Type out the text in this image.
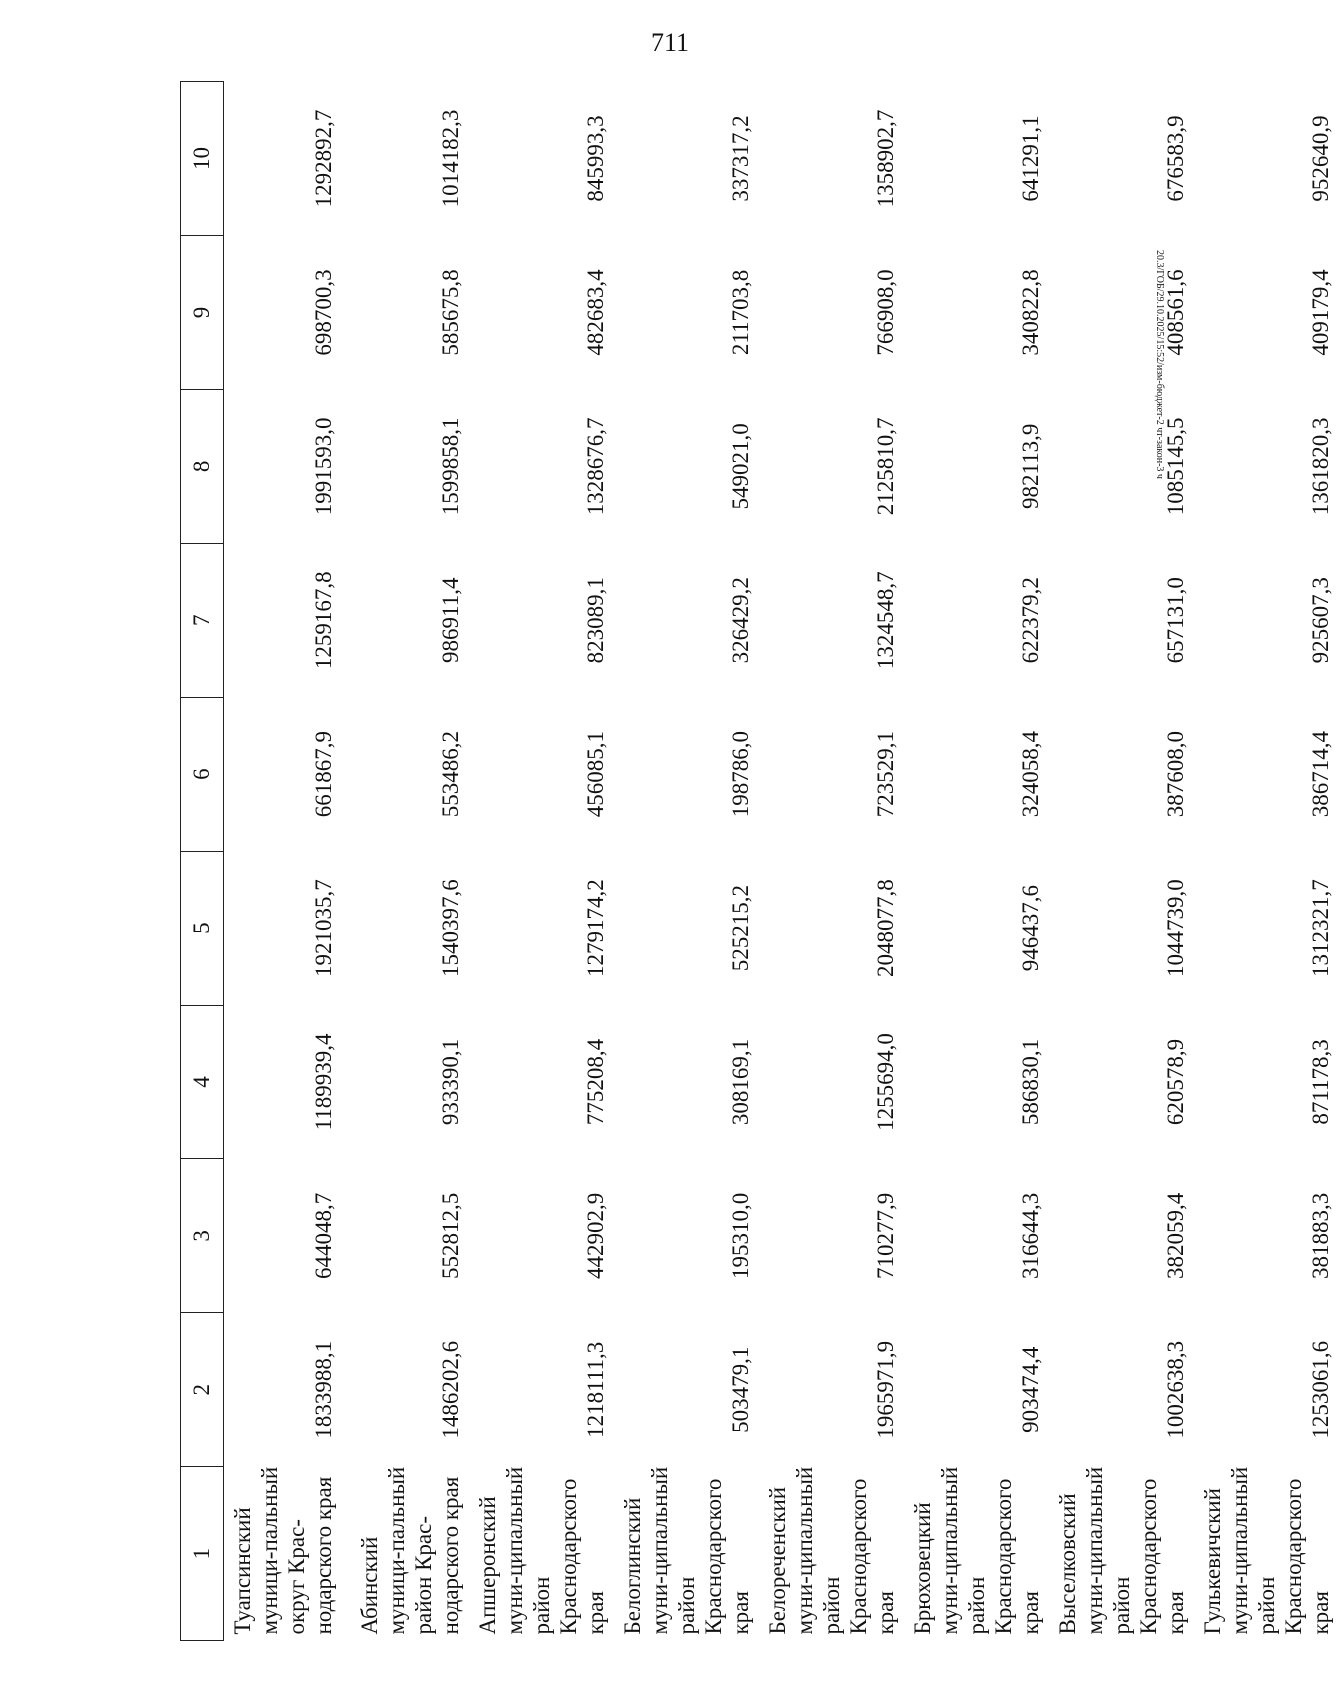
711
20.3/ГОБ/29.10.2025/15:52/изм-бюджет-2 чт-закон-3 ч
1	2	3	4	5	6	7	8	9	10
Туапсинский муници-пальный округ Крас-нодарского края	1833988,1	644048,7	1189939,4	1921035,7	661867,9	1259167,8	1991593,0	698700,3	1292892,7
Абинский муници-пальный район Крас-нодарского края	1486202,6	552812,5	933390,1	1540397,6	553486,2	986911,4	1599858,1	585675,8	1014182,3
Апшеронский муни-ципальный район Краснодарского края	1218111,3	442902,9	775208,4	1279174,2	456085,1	823089,1	1328676,7	482683,4	845993,3
Белоглинский муни-ципальный район Краснодарского края	503479,1	195310,0	308169,1	525215,2	198786,0	326429,2	549021,0	211703,8	337317,2
Белореченский муни-ципальный район Краснодарского края	1965971,9	710277,9	1255694,0	2048077,8	723529,1	1324548,7	2125810,7	766908,0	1358902,7
Брюховецкий муни-ципальный район Краснодарского края	903474,4	316644,3	586830,1	946437,6	324058,4	622379,2	982113,9	340822,8	641291,1
Выселковский муни-ципальный район Краснодарского края	1002638,3	382059,4	620578,9	1044739,0	387608,0	657131,0	1085145,5	408561,6	676583,9
Гулькевичский муни-ципальный район Краснодарского края	1253061,6	381883,3	871178,3	1312321,7	386714,4	925607,3	1361820,3	409179,4	952640,9
